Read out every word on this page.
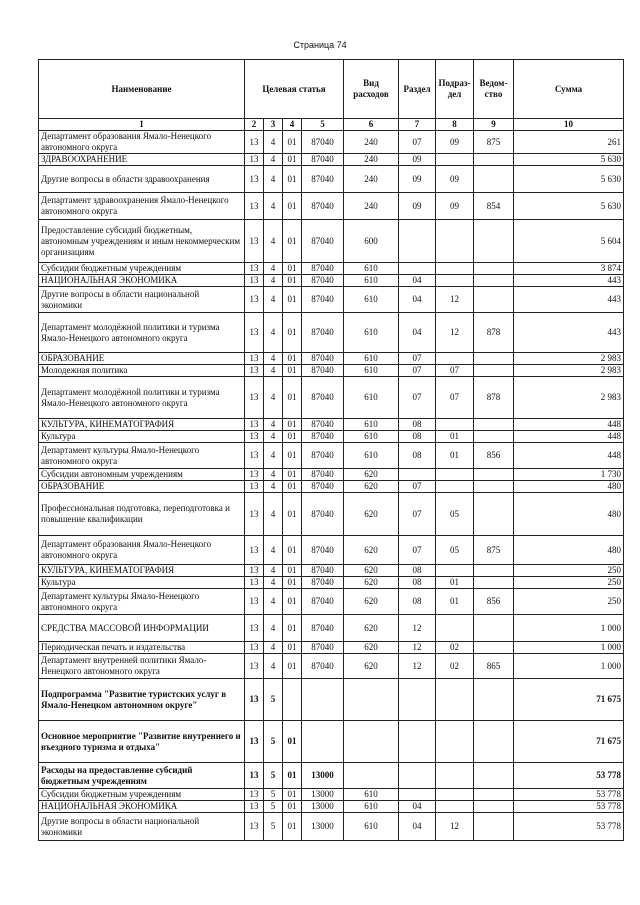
Страница 74
Наименование	Целевая статья				Вид расходов	Раздел	Подраз-дел	Ведом-ство	Сумма
1	2	3	4	5	6	7	8	9	10
Департамент образования Ямало-Ненецкого автономного округа	13	4	01	87040	240	07	09	875	261
ЗДРАВООХРАНЕНИЕ	13	4	01	87040	240	09			5 630
Другие вопросы в области здравоохранения	13	4	01	87040	240	09	09		5 630
Департамент здравоохранения Ямало-Ненецкого автономного округа	13	4	01	87040	240	09	09	854	5 630
Предоставление субсидий бюджетным, автономным учреждениям и иным некоммерческим организациям	13	4	01	87040	600				5 604
Субсидии бюджетным учреждениям	13	4	01	87040	610				3 874
НАЦИОНАЛЬНАЯ ЭКОНОМИКА	13	4	01	87040	610	04			443
Другие вопросы в области национальной экономики	13	4	01	87040	610	04	12		443
Департамент молодёжной политики и туризма Ямало-Ненецкого автономного округа	13	4	01	87040	610	04	12	878	443
ОБРАЗОВАНИЕ	13	4	01	87040	610	07			2 983
Молодежная политика	13	4	01	87040	610	07	07		2 983
Департамент молодёжной политики и туризма Ямало-Ненецкого автономного округа	13	4	01	87040	610	07	07	878	2 983
КУЛЬТУРА, КИНЕМАТОГРАФИЯ	13	4	01	87040	610	08			448
Культура	13	4	01	87040	610	08	01		448
Департамент культуры Ямало-Ненецкого автономного округа	13	4	01	87040	610	08	01	856	448
Субсидии автономным учреждениям	13	4	01	87040	620				1 730
ОБРАЗОВАНИЕ	13	4	01	87040	620	07			480
Профессиональная подготовка, переподготовка и повышение квалификации	13	4	01	87040	620	07	05		480
Департамент образования Ямало-Ненецкого автономного округа	13	4	01	87040	620	07	05	875	480
КУЛЬТУРА, КИНЕМАТОГРАФИЯ	13	4	01	87040	620	08			250
Культура	13	4	01	87040	620	08	01		250
Департамент культуры Ямало-Ненецкого автономного округа	13	4	01	87040	620	08	01	856	250
СРЕДСТВА МАССОВОЙ ИНФОРМАЦИИ	13	4	01	87040	620	12			1 000
Периодическая печать и издательства	13	4	01	87040	620	12	02		1 000
Департамент внутренней политики Ямало-Ненецкого автономного округа	13	4	01	87040	620	12	02	865	1 000
Подпрограмма "Развитие туристских услуг в Ямало-Ненецком автономном округе"	13	5							71 675
Основное мероприятие "Развитие внутреннего и въездного туризма и отдыха"	13	5	01						71 675
Расходы на предоставление субсидий бюджетным учреждениям	13	5	01	13000					53 778
Субсидии бюджетным учреждениям	13	5	01	13000	610				53 778
НАЦИОНАЛЬНАЯ ЭКОНОМИКА	13	5	01	13000	610	04			53 778
Другие вопросы в области национальной экономики	13	5	01	13000	610	04	12		53 778
